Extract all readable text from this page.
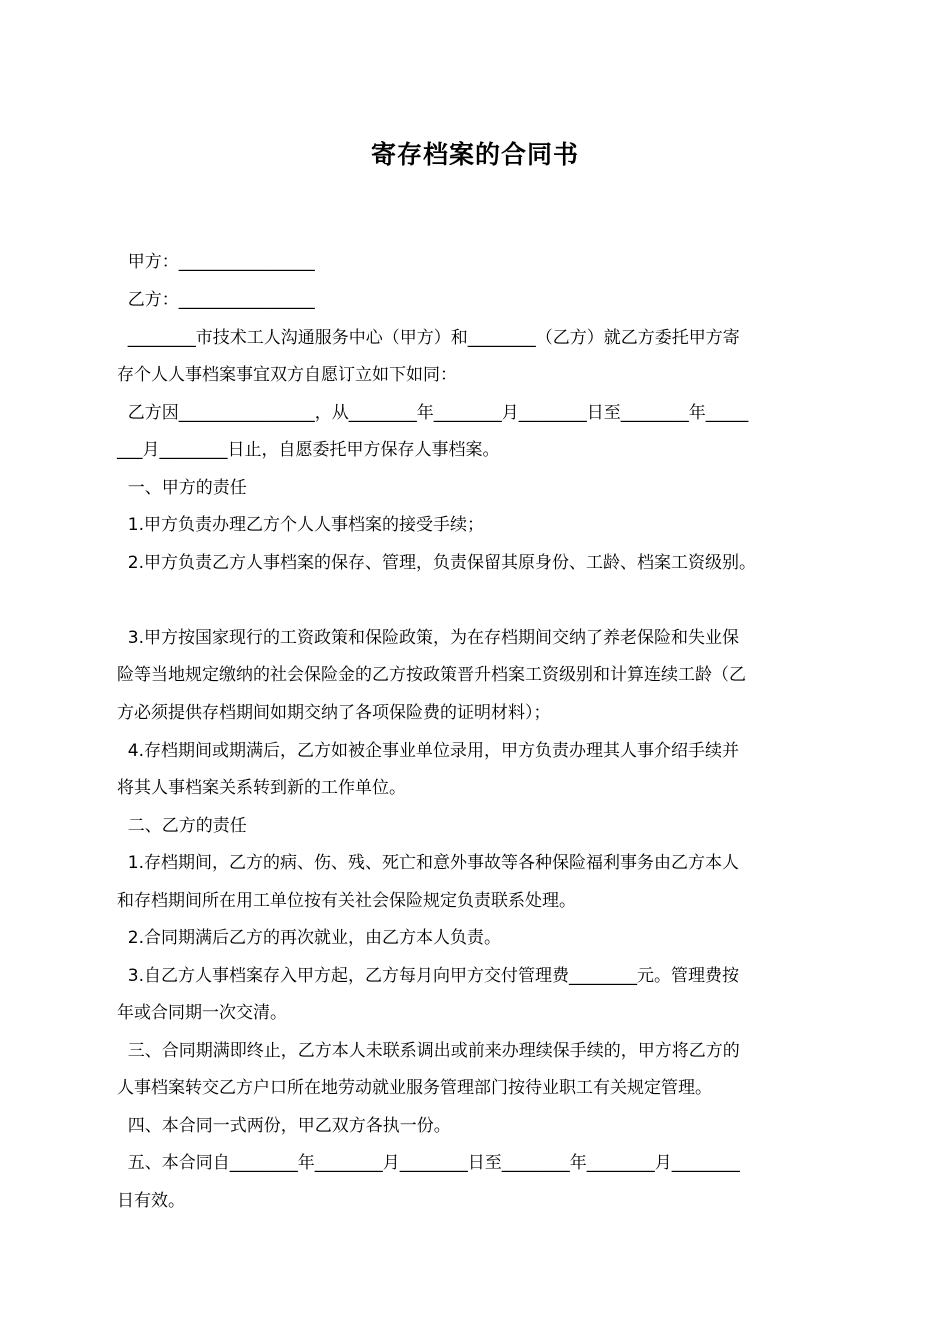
寄存档案的合同书
甲方：________________
乙方：________________
________市技术工人沟通服务中心（甲方）和________（乙方）就乙方委托甲方寄
存个人人事档案事宜双方自愿订立如下如同：
乙方因________________，从________年________月________日至________年_____
___月________日止，自愿委托甲方保存人事档案。
一、甲方的责任
1.甲方负责办理乙方个人人事档案的接受手续；
2.甲方负责乙方人事档案的保存、管理，负责保留其原身份、工龄、档案工资级别。
3.甲方按国家现行的工资政策和保险政策，为在存档期间交纳了养老保险和失业保
险等当地规定缴纳的社会保险金的乙方按政策晋升档案工资级别和计算连续工龄（乙
方必须提供存档期间如期交纳了各项保险费的证明材料）；
4.存档期间或期满后，乙方如被企事业单位录用，甲方负责办理其人事介绍手续并
将其人事档案关系转到新的工作单位。
二、乙方的责任
1.存档期间，乙方的病、伤、残、死亡和意外事故等各种保险福利事务由乙方本人
和存档期间所在用工单位按有关社会保险规定负责联系处理。
2.合同期满后乙方的再次就业，由乙方本人负责。
3.自乙方人事档案存入甲方起，乙方每月向甲方交付管理费________元。管理费按
年或合同期一次交清。
三、合同期满即终止，乙方本人未联系调出或前来办理续保手续的，甲方将乙方的
人事档案转交乙方户口所在地劳动就业服务管理部门按待业职工有关规定管理。
四、本合同一式两份，甲乙双方各执一份。
五、本合同自________年________月________日至________年________月________
日有效。
